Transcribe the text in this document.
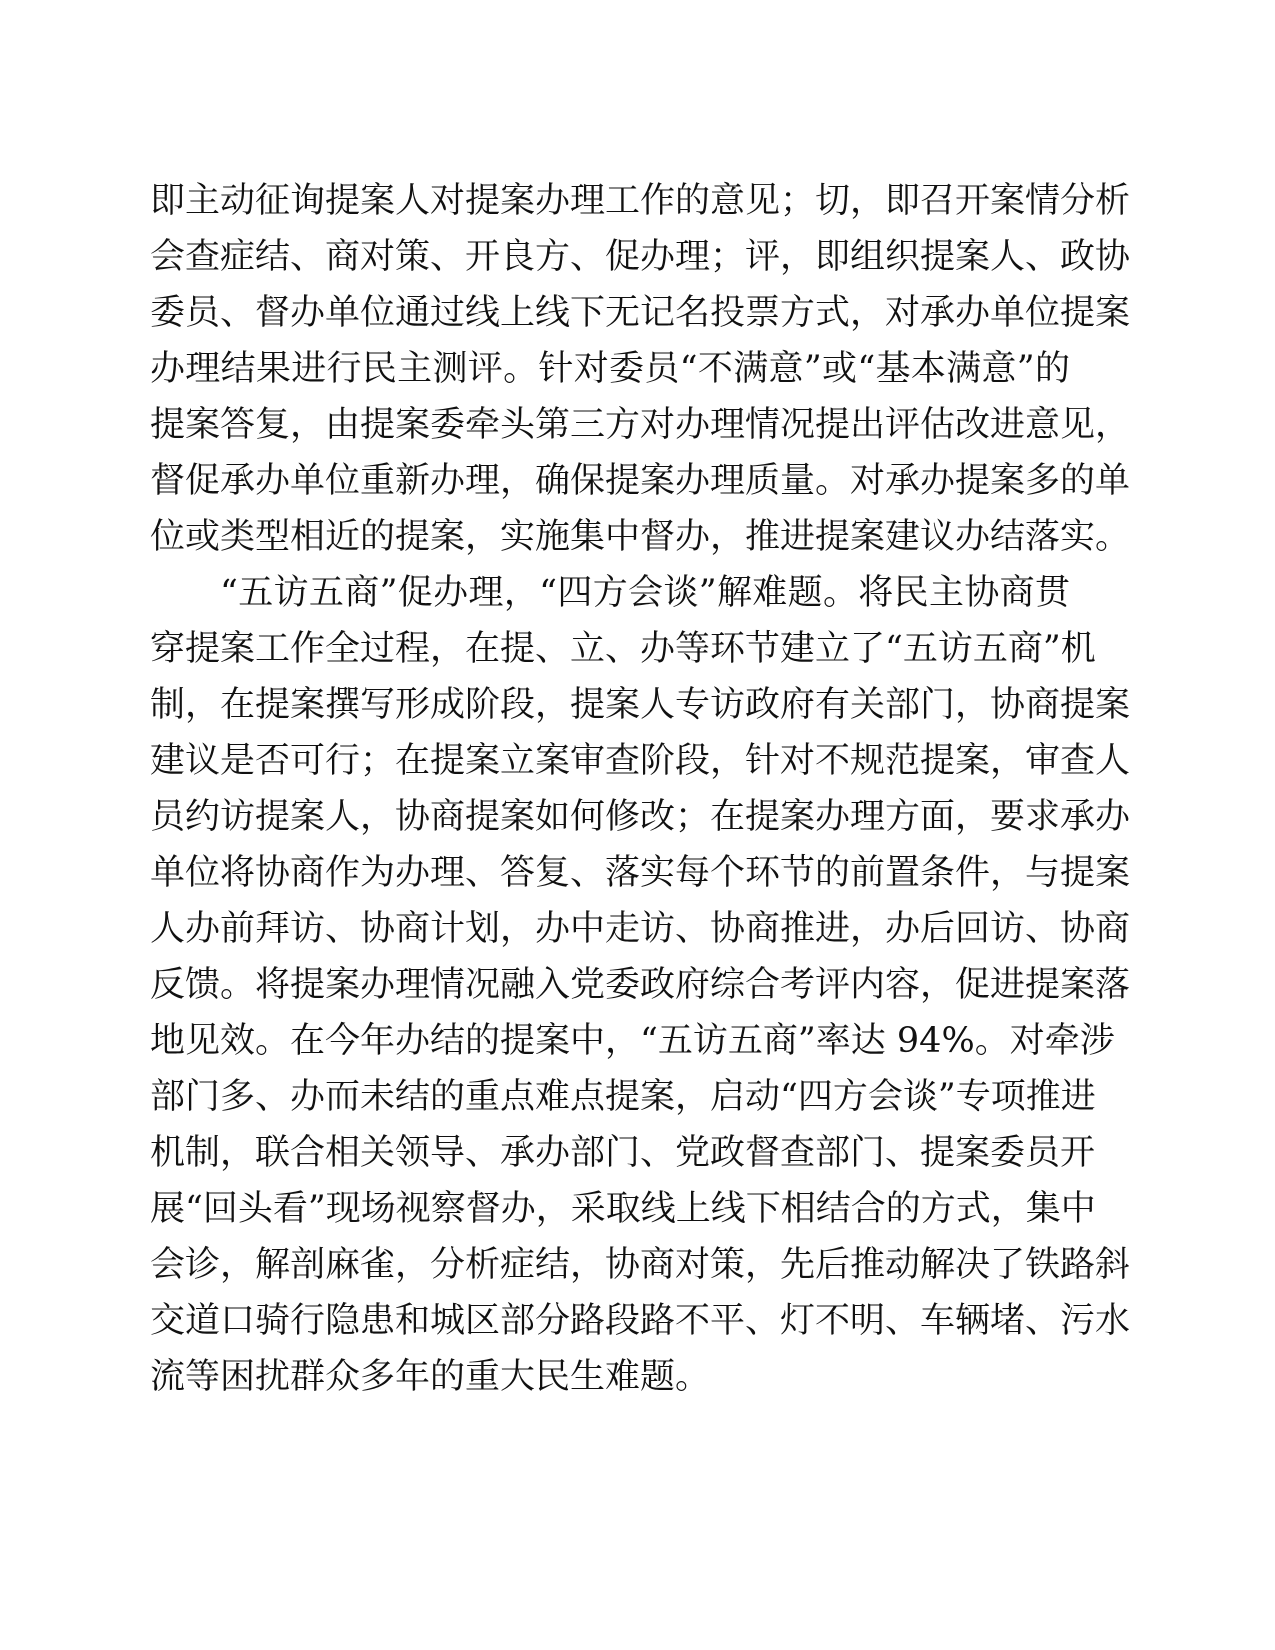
即主动征询提案人对提案办理工作的意见；切，即召开案情分析
会查症结、商对策、开良方、促办理；评，即组织提案人、政协
委员、督办单位通过线上线下无记名投票方式，对承办单位提案
办理结果进行民主测评。针对委员“不满意”或“基本满意”的
提案答复，由提案委牵头第三方对办理情况提出评估改进意见，
督促承办单位重新办理，确保提案办理质量。对承办提案多的单
位或类型相近的提案，实施集中督办，推进提案建议办结落实。
“五访五商”促办理，“四方会谈”解难题。将民主协商贯
穿提案工作全过程，在提、立、办等环节建立了“五访五商”机
制，在提案撰写形成阶段，提案人专访政府有关部门，协商提案
建议是否可行；在提案立案审查阶段，针对不规范提案，审查人
员约访提案人，协商提案如何修改；在提案办理方面，要求承办
单位将协商作为办理、答复、落实每个环节的前置条件，与提案
人办前拜访、协商计划，办中走访、协商推进，办后回访、协商
反馈。将提案办理情况融入党委政府综合考评内容，促进提案落
地见效。在今年办结的提案中，“五访五商”率达 94%。对牵涉
部门多、办而未结的重点难点提案，启动“四方会谈”专项推进
机制，联合相关领导、承办部门、党政督查部门、提案委员开
展“回头看”现场视察督办，采取线上线下相结合的方式，集中
会诊，解剖麻雀，分析症结，协商对策，先后推动解决了铁路斜
交道口骑行隐患和城区部分路段路不平、灯不明、车辆堵、污水
流等困扰群众多年的重大民生难题。
